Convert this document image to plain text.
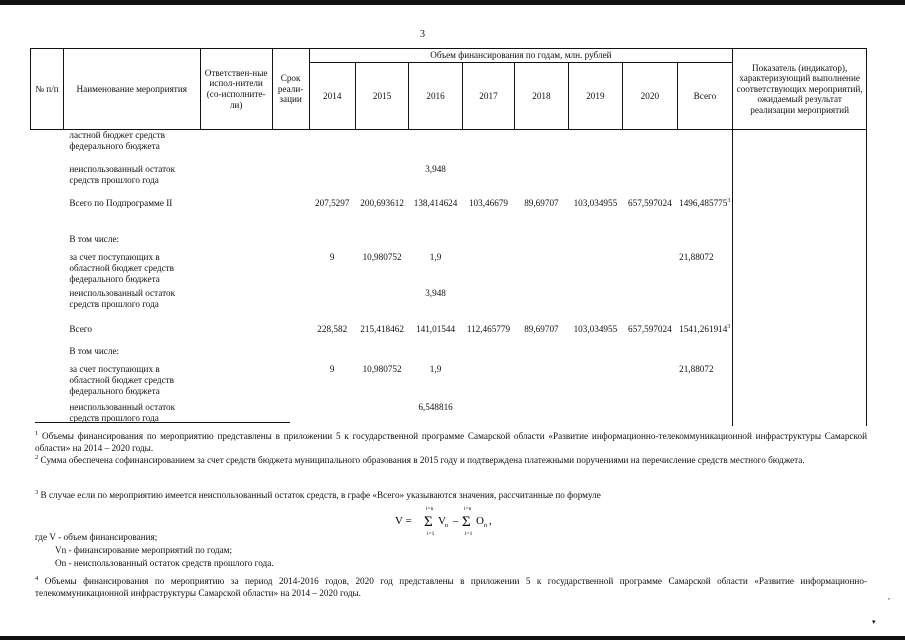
3
№ п/п	Наименование мероприятия	Ответствен-ные испол-нители (со-исполните-ли)	Срок реали-зации	Объем финансирования по годам, млн. рублей								Показатель (индикатор), характеризующий выполнение соответствующих мероприятий, ожидаемый результат реализации мероприятий
				2014	2015	2016	2017	2018	2019	2020	Всего	
	ластной бюджет средств федерального бюджета											
	неиспользованный остаток средств прошлого года					3,948						
	Всего по Подпрограмме II			207,5297	200,693612	138,414624	103,46679	89,69707	103,034955	657,597024	1496,485775$^3$	
	В том числе:											
	за счет поступающих в областной бюджет средств федерального бюджета			9	10,980752	1,9					21,88072	
	неиспользованный остаток средств прошлого года					3,948						
	Всего			228,582	215,418462	141,01544	112,465779	89,69707	103,034955	657,597024	1541,261914$^3$	
	В том числе:											
	за счет поступающих в областной бюджет средств федерального бюджета			9	10,980752	1,9					21,88072	
	неиспользованный остаток средств прошлого года					6,548816						
$^1$ Объемы финансирования по мероприятию представлены в приложении 5 к государственной программе Самарской области «Развитие информационно-телекоммуникационной инфраструктуры Самарской области» на 2014 – 2020 годы.
$^2$ Сумма обеспечена софинансированием за счет средств бюджета муниципального образования в 2015 году и подтверждена платежными поручениями на перечисление средств местного бюджета.
$^3$ В случае если по мероприятию имеется неиспользованный остаток средств, в графе «Всего» указываются значения, рассчитанные по формуле
V =
i=n
Σ
i=1
V n –
i=n
Σ
i=1
O n ,
где V - объем финансирования;
Vn - финансирование мероприятий по годам;
On - неиспользованный остаток средств прошлого года.
$^4$ Объемы финансирования по мероприятию за период 2014-2016 годов, 2020 год представлены в приложении 5 к государственной программе Самарской области «Развитие информационно-телекоммуникационной инфраструктуры Самарской области» на 2014 – 2020 годы.	,
▾
